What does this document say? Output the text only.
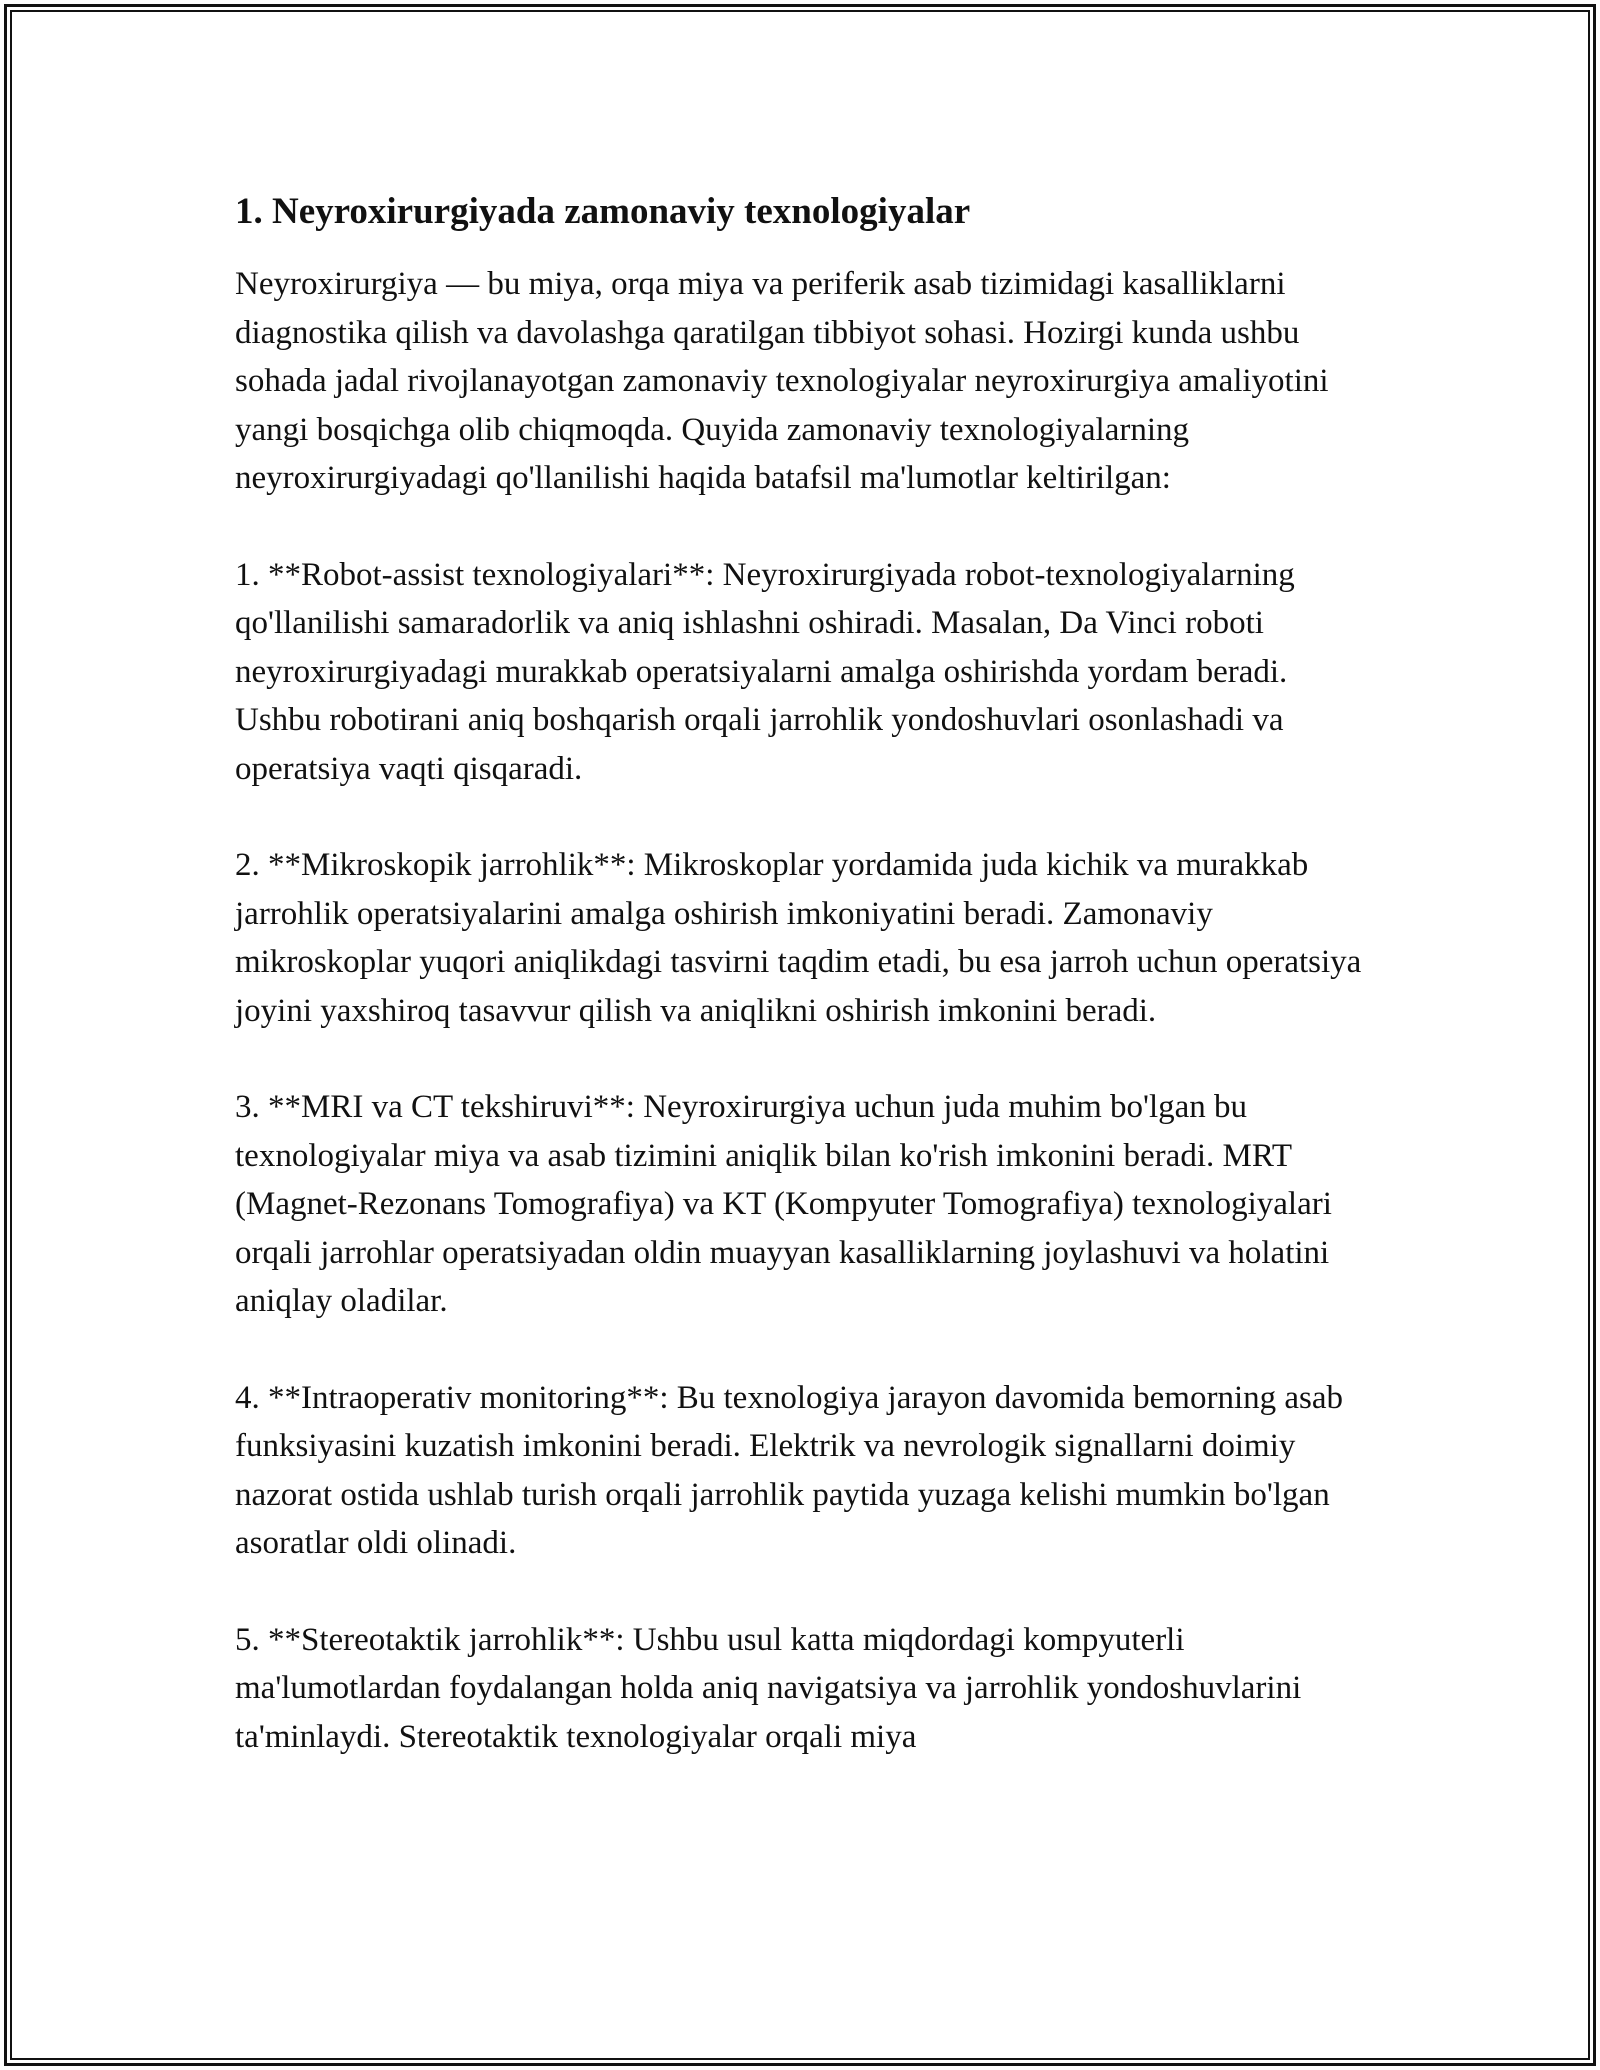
1. Neyroxirurgiyada zamonaviy texnologiyalar

Neyroxirurgiya — bu miya, orqa miya va periferik asab tizimidagi kasalliklarni diagnostika qilish va davolashga qaratilgan tibbiyot sohasi. Hozirgi kunda ushbu sohada jadal rivojlanayotgan zamonaviy texnologiyalar neyroxirurgiya amaliyotini yangi bosqichga olib chiqmoqda. Quyida zamonaviy texnologiyalarning neyroxirurgiyadagi qo'llanilishi haqida batafsil ma'lumotlar keltirilgan:

1. **Robot-assist texnologiyalari**: Neyroxirurgiyada robot-texnologiyalarning qo'llanilishi samaradorlik va aniq ishlashni oshiradi. Masalan, Da Vinci roboti neyroxirurgiyadagi murakkab operatsiyalarni amalga oshirishda yordam beradi. Ushbu robotirani aniq boshqarish orqali jarrohlik yondoshuvlari osonlashadi va operatsiya vaqti qisqaradi.

2. **Mikroskopik jarrohlik**: Mikroskoplar yordamida juda kichik va murakkab jarrohlik operatsiyalarini amalga oshirish imkoniyatini beradi. Zamonaviy mikroskoplar yuqori aniqlikdagi tasvirni taqdim etadi, bu esa jarroh uchun operatsiya joyini yaxshiroq tasavvur qilish va aniqlikni oshirish imkonini beradi.

3. **MRI va CT tekshiruvi**: Neyroxirurgiya uchun juda muhim bo'lgan bu texnologiyalar miya va asab tizimini aniqlik bilan ko'rish imkonini beradi. MRT (Magnet-Rezonans Tomografiya) va KT (Kompyuter Tomografiya) texnologiyalari orqali jarrohlar operatsiyadan oldin muayyan kasalliklarning joylashuvi va holatini aniqlay oladilar.

4. **Intraoperativ monitoring**: Bu texnologiya jarayon davomida bemorning asab funksiyasini kuzatish imkonini beradi. Elektrik va nevrologik signallarni doimiy nazorat ostida ushlab turish orqali jarrohlik paytida yuzaga kelishi mumkin bo'lgan asoratlar oldi olinadi.

5. **Stereotaktik jarrohlik**: Ushbu usul katta miqdordagi kompyuterli ma'lumotlardan foydalangan holda aniq navigatsiya va jarrohlik yondoshuvlarini ta'minlaydi. Stereotaktik texnologiyalar orqali miya
